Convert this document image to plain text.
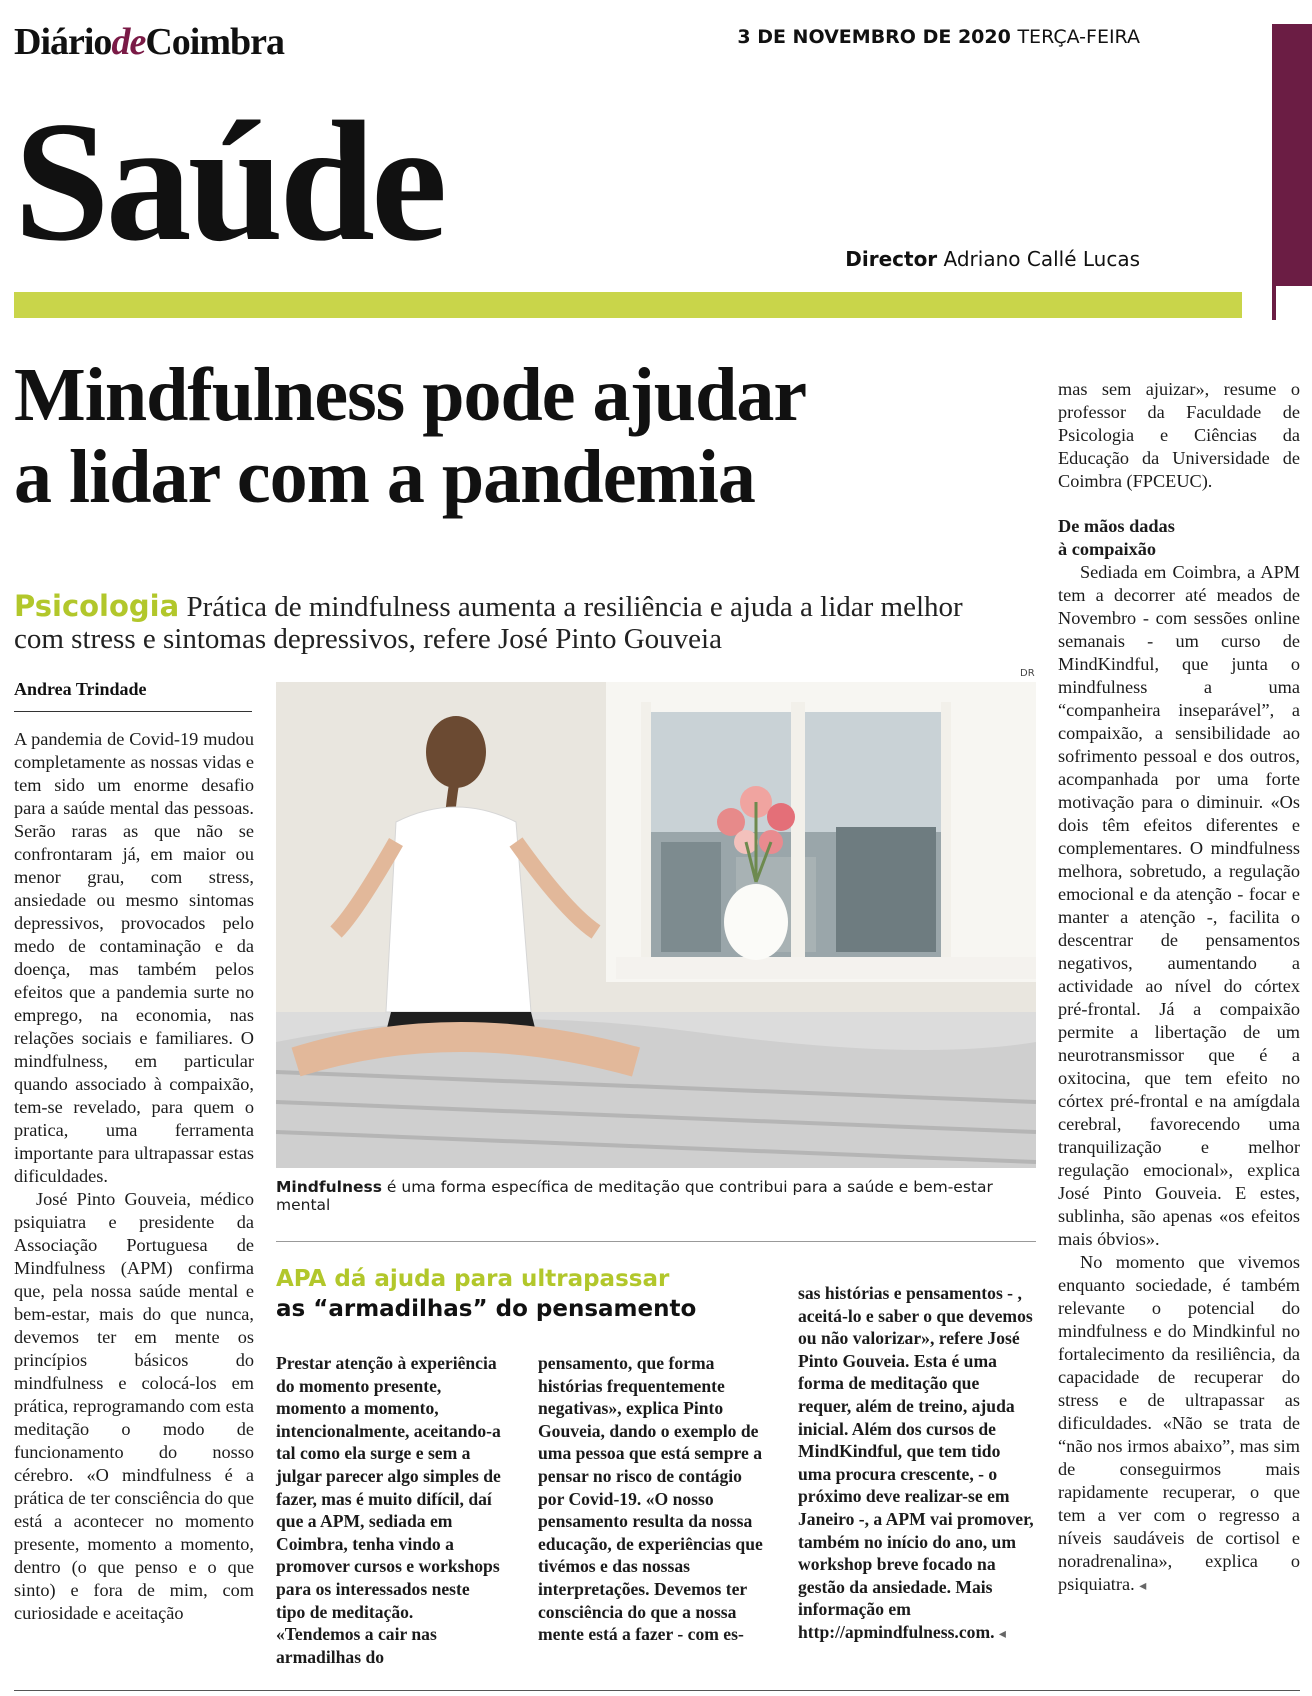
DiáriodeCoimbra	3 DE NOVEMBRO DE 2020 TERÇA-FEIRA
Saúde	Director Adriano Callé Lucas
Mindfulness pode ajudar
a lidar com a pandemia
Psicologia Prática de mindfulness aumenta a resiliência e ajuda a lidar melhor com stress e sintomas depressivos, refere José Pinto Gouveia
Andrea Trindade

A pandemia de Covid-19 mudou completamente as nossas vidas e tem sido um enorme desafio para a saúde mental das pessoas. Serão raras as que não se confrontaram já, em maior ou menor grau, com stress, ansiedade ou mesmo sintomas depressivos, provocados pelo medo de contaminação e da doença, mas também pelos efeitos que a pandemia surte no emprego, na economia, nas relações sociais e familiares. O mindfulness, em particular quando associado à compaixão, tem-se revelado, para quem o pratica, uma ferramenta importante para ultrapassar estas dificuldades.

José Pinto Gouveia, médico psiquiatra e presidente da Associação Portuguesa de Mindfulness (APM) confirma que, pela nossa saúde mental e bem-estar, mais do que nunca, devemos ter em mente os princípios básicos do mindfulness e colocá-los em prática, reprogramando com esta meditação o modo de funcionamento do nosso cérebro. «O mindfulness é a prática de ter consciência do que está a acontecer no momento presente, momento a momento, dentro (o que penso e o que sinto) e fora de mim, com curiosidade e aceitação

DR
Mindfulness é uma forma específica de meditação que contribui para a saúde e bem-estar mental
APA dá ajuda para ultrapassar
as “armadilhas” do pensamento

Prestar atenção à experiência do momento presente, momento a momento, intencionalmente, aceitando-a tal como ela surge e sem a julgar parecer algo simples de fazer, mas é muito difícil, daí que a APM, sediada em Coimbra, tenha vindo a promover cursos e workshops para os interessados neste tipo de meditação. «Tendemos a cair nas armadilhas do

pensamento, que forma histórias frequentemente negativas», explica Pinto Gouveia, dando o exemplo de uma pessoa que está sempre a pensar no risco de contágio por Covid-19. «O nosso pensamento resulta da nossa educação, de experiências que tivémos e das nossas interpretações. Devemos ter consciência do que a nossa mente está a fazer - com es-

sas histórias e pensamentos - , aceitá-lo e saber o que devemos ou não valorizar», refere José Pinto Gouveia. Esta é uma forma de meditação que requer, além de treino, ajuda inicial. Além dos cursos de MindKindful, que tem tido uma procura crescente, - o próximo deve realizar-se em Janeiro -, a APM vai promover, também no início do ano, um workshop breve focado na gestão da ansiedade. Mais informação em http://apmindfulness.com. ◂

mas sem ajuizar», resume o professor da Faculdade de Psicologia e Ciências da Educação da Universidade de Coimbra (FPCEUC).

De mãos dadas
à compaixão

Sediada em Coimbra, a APM tem a decorrer até meados de Novembro - com sessões online semanais - um curso de MindKindful, que junta o mindfulness a uma “companheira inseparável”, a compaixão, a sensibilidade ao sofrimento pessoal e dos outros, acompanhada por uma forte motivação para o diminuir. «Os dois têm efeitos diferentes e complementares. O mindfulness melhora, sobretudo, a regulação emocional e da atenção - focar e manter a atenção -, facilita o descentrar de pensamentos negativos, aumentando a actividade ao nível do córtex pré-frontal. Já a compaixão permite a libertação de um neurotransmissor que é a oxitocina, que tem efeito no córtex pré-frontal e na amígdala cerebral, favorecendo uma tranquilização e melhor regulação emocional», explica José Pinto Gouveia. E estes, sublinha, são apenas «os efeitos mais óbvios».

No momento que vivemos enquanto sociedade, é também relevante o potencial do mindfulness e do Mindkinful no fortalecimento da resiliência, da capacidade de recuperar do stress e de ultrapassar as dificuldades. «Não se trata de “não nos irmos abaixo”, mas sim de conseguirmos mais rapidamente recuperar, o que tem a ver com o regresso a níveis saudáveis de cortisol e noradrenalina», explica o psiquiatra. ◂
